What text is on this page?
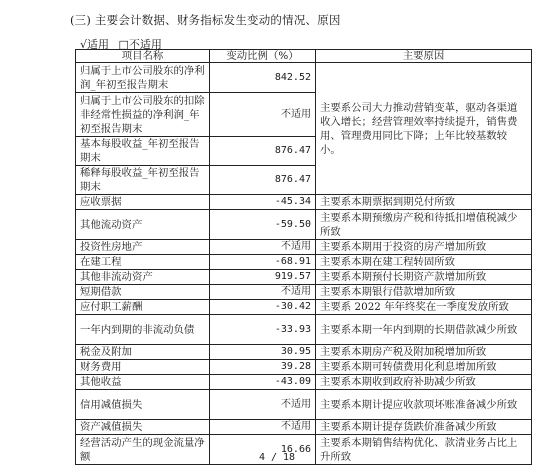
(三) 主要会计数据、财务指标发生变动的情况、原因
√适用 □不适用
项目名称	变动比例（%）	主要原因
归属于上市公司股东的净利润_年初至报告期末	842.52	主要系公司大力推动营销变革，驱动各渠道收入增长；经营管理效率持续提升，销售费用、管理费用同比下降；上年比较基数较小。
归属于上市公司股东的扣除非经常性损益的净利润_年初至报告期末	不适用	
基本每股收益_年初至报告期末	876.47	
稀释每股收益_年初至报告期末	876.47	
应收票据	-45.34	主要系本期票据到期兑付所致
其他流动资产	-59.50	主要系本期预缴房产税和待抵扣增值税减少所致
投资性房地产	不适用	主要系本期用于投资的房产增加所致
在建工程	-68.91	主要系本期在建工程转固所致
其他非流动资产	919.57	主要系本期预付长期资产款增加所致
短期借款	不适用	主要系本期银行借款增加所致
应付职工薪酬	-30.42	主要系 2022 年年终奖在一季度发放所致
一年内到期的非流动负债	-33.93	主要系本期一年内到期的长期借款减少所致
税金及附加	30.95	主要系本期房产税及附加税增加所致
财务费用	39.28	主要系本期可转债费用化利息增加所致
其他收益	-43.09	主要系本期收到政府补助减少所致
信用减值损失	不适用	主要系本期计提应收款项坏账准备减少所致
资产减值损失	不适用	主要系本期计提存货跌价准备减少所致
经营活动产生的现金流量净额	16.66	主要系本期销售结构优化、款清业务占比上升所致
4 / 18
